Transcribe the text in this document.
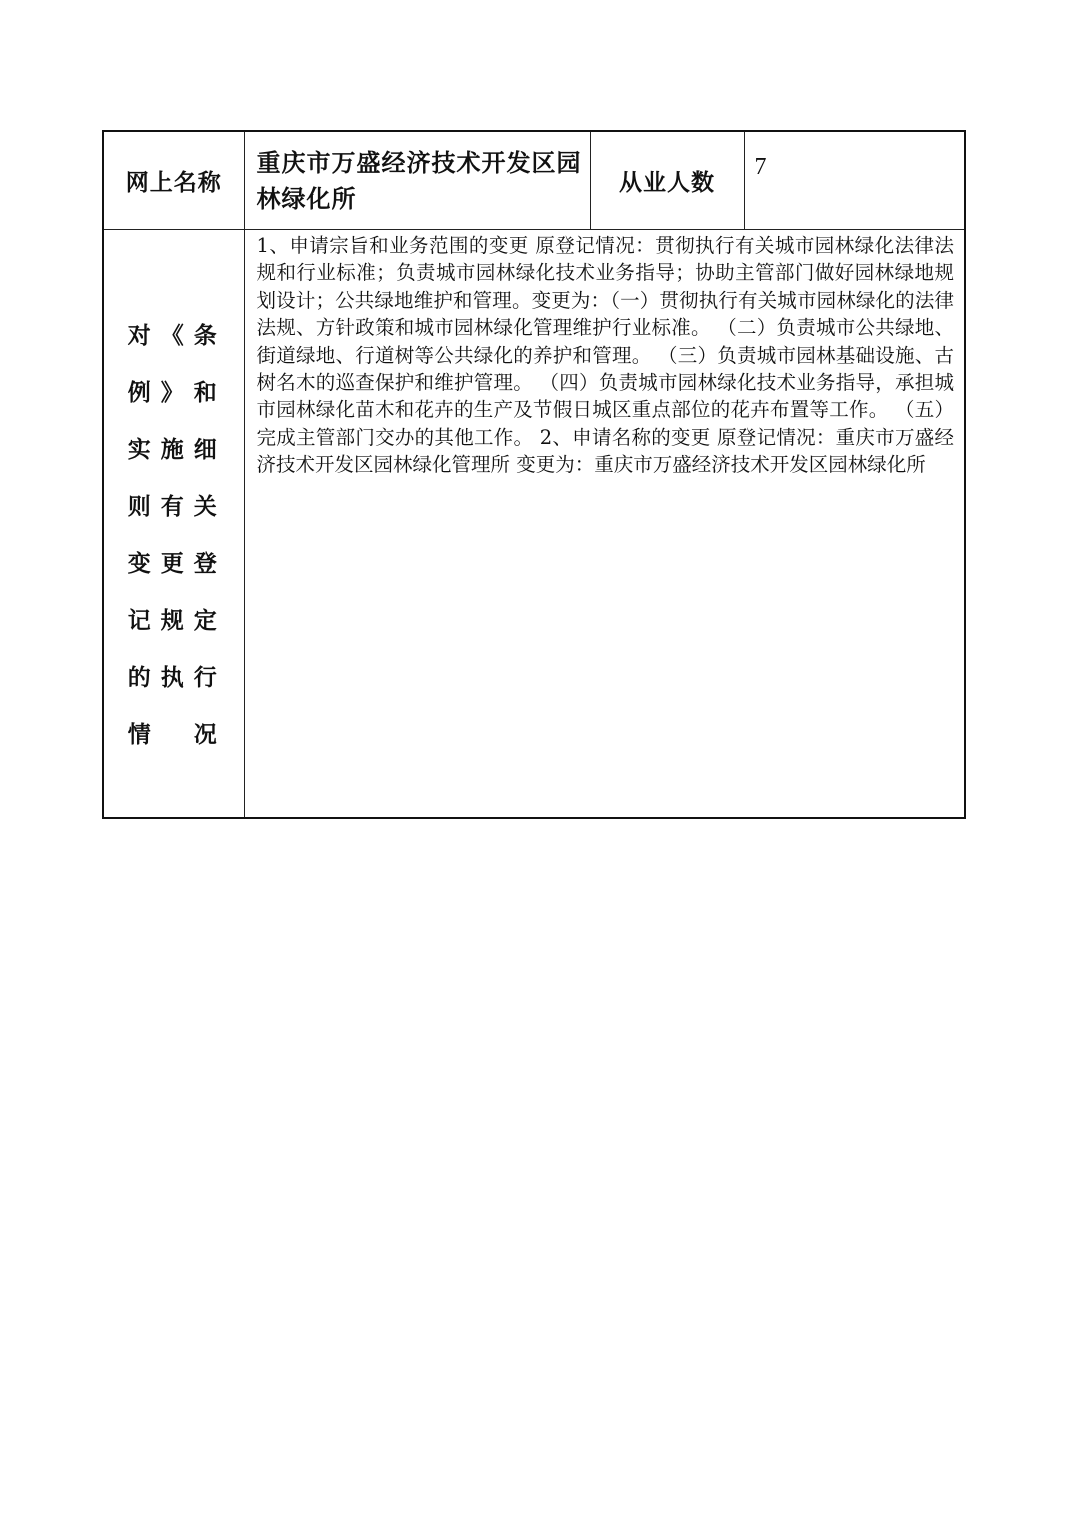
网上名称	重庆市万盛经济技术开发区园林绿化所	从业人数	7

对《条例》和实施细则有关变更登记规定的执行情　况	1、申请宗旨和业务范围的变更 原登记情况：贯彻执行有关城市园林绿化法律法规和行业标准；负责城市园林绿化技术业务指导；协助主管部门做好园林绿地规划设计；公共绿地维护和管理。变更为：（一）贯彻执行有关城市园林绿化的法律法规、方针政策和城市园林绿化管理维护行业标准。 （二）负责城市公共绿地、街道绿地、行道树等公共绿化的养护和管理。 （三）负责城市园林基础设施、古树名木的巡查保护和维护管理。 （四）负责城市园林绿化技术业务指导，承担城市园林绿化苗木和花卉的生产及节假日城区重点部位的花卉布置等工作。 （五）完成主管部门交办的其他工作。 2、申请名称的变更 原登记情况：重庆市万盛经济技术开发区园林绿化管理所 变更为：重庆市万盛经济技术开发区园林绿化所		
